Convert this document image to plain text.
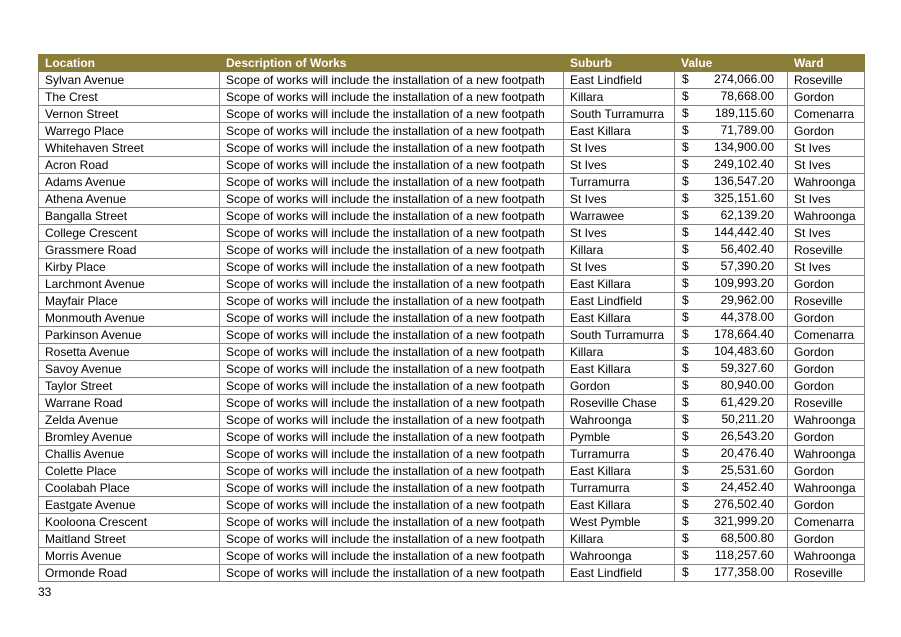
Location	Description of Works	Suburb	Value	Ward
Sylvan Avenue	Scope of works will include the installation of a new footpath	East Lindfield	$ 274,066.00	Roseville
The Crest	Scope of works will include the installation of a new footpath	Killara	$ 78,668.00	Gordon
Vernon Street	Scope of works will include the installation of a new footpath	South Turramurra	$ 189,115.60	Comenarra
Warrego Place	Scope of works will include the installation of a new footpath	East Killara	$ 71,789.00	Gordon
Whitehaven Street	Scope of works will include the installation of a new footpath	St Ives	$ 134,900.00	St Ives
Acron Road	Scope of works will include the installation of a new footpath	St Ives	$ 249,102.40	St Ives
Adams Avenue	Scope of works will include the installation of a new footpath	Turramurra	$ 136,547.20	Wahroonga
Athena Avenue	Scope of works will include the installation of a new footpath	St Ives	$ 325,151.60	St Ives
Bangalla Street	Scope of works will include the installation of a new footpath	Warrawee	$ 62,139.20	Wahroonga
College Crescent	Scope of works will include the installation of a new footpath	St Ives	$ 144,442.40	St Ives
Grassmere Road	Scope of works will include the installation of a new footpath	Killara	$ 56,402.40	Roseville
Kirby Place	Scope of works will include the installation of a new footpath	St Ives	$ 57,390.20	St Ives
Larchmont Avenue	Scope of works will include the installation of a new footpath	East Killara	$ 109,993.20	Gordon
Mayfair Place	Scope of works will include the installation of a new footpath	East Lindfield	$ 29,962.00	Roseville
Monmouth Avenue	Scope of works will include the installation of a new footpath	East Killara	$ 44,378.00	Gordon
Parkinson Avenue	Scope of works will include the installation of a new footpath	South Turramurra	$ 178,664.40	Comenarra
Rosetta Avenue	Scope of works will include the installation of a new footpath	Killara	$ 104,483.60	Gordon
Savoy Avenue	Scope of works will include the installation of a new footpath	East Killara	$ 59,327.60	Gordon
Taylor Street	Scope of works will include the installation of a new footpath	Gordon	$ 80,940.00	Gordon
Warrane Road	Scope of works will include the installation of a new footpath	Roseville Chase	$ 61,429.20	Roseville
Zelda Avenue	Scope of works will include the installation of a new footpath	Wahroonga	$ 50,211.20	Wahroonga
Bromley Avenue	Scope of works will include the installation of a new footpath	Pymble	$ 26,543.20	Gordon
Challis Avenue	Scope of works will include the installation of a new footpath	Turramurra	$ 20,476.40	Wahroonga
Colette Place	Scope of works will include the installation of a new footpath	East Killara	$ 25,531.60	Gordon
Coolabah Place	Scope of works will include the installation of a new footpath	Turramurra	$ 24,452.40	Wahroonga
Eastgate Avenue	Scope of works will include the installation of a new footpath	East Killara	$ 276,502.40	Gordon
Kooloona Crescent	Scope of works will include the installation of a new footpath	West Pymble	$ 321,999.20	Comenarra
Maitland Street	Scope of works will include the installation of a new footpath	Killara	$ 68,500.80	Gordon
Morris Avenue	Scope of works will include the installation of a new footpath	Wahroonga	$ 118,257.60	Wahroonga
Ormonde Road	Scope of works will include the installation of a new footpath	East Lindfield	$ 177,358.00	Roseville
33
